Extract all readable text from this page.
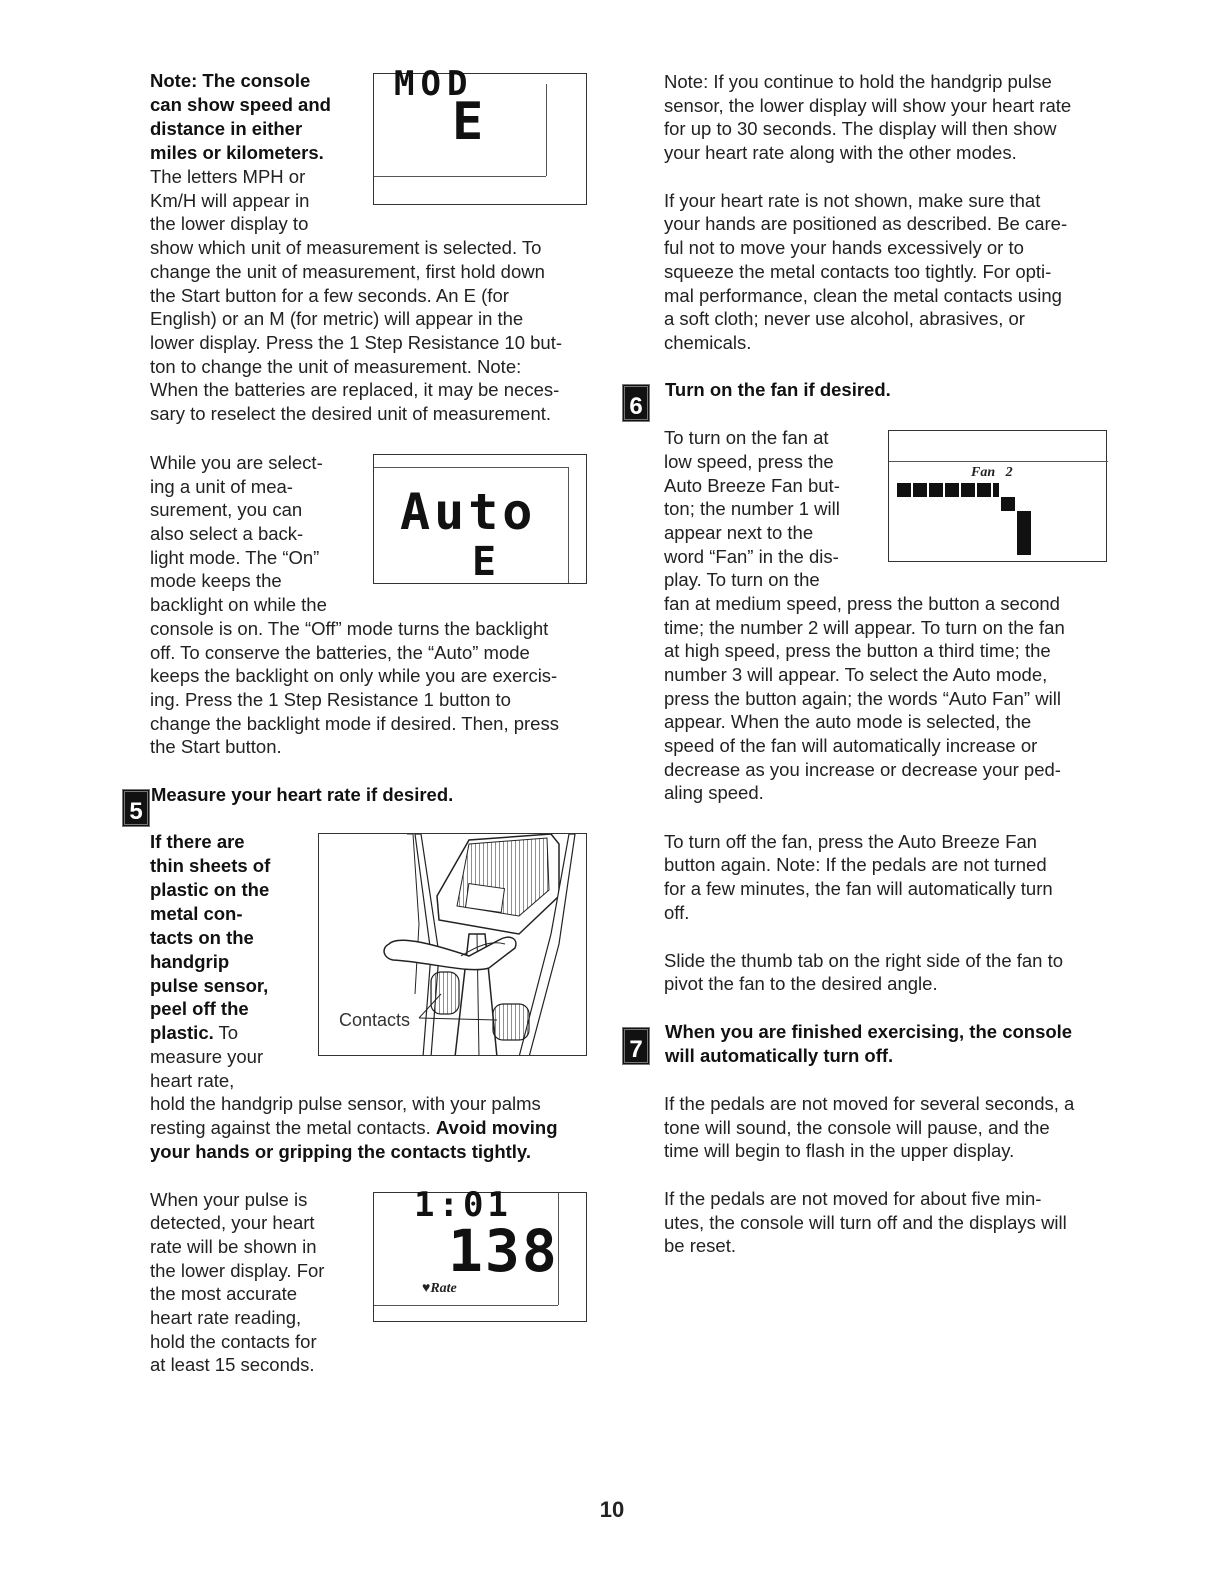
Note: The console
can show speed and
distance in either
miles or kilometers.
The letters MPH or
Km/H will appear in
the lower display to
show which unit of measurement is selected. To
change the unit of measurement, first hold down
the Start button for a few seconds. An E (for
English) or an M (for metric) will appear in the
lower display. Press the 1 Step Resistance 10 but-
ton to change the unit of measurement. Note:
When the batteries are replaced, it may be neces-
sary to reselect the desired unit of measurement.
MOD
E
While you are select-
ing a unit of mea-
surement, you can
also select a back-
light mode. The “On”
mode keeps the
backlight on while the
console is on. The “Off” mode turns the backlight
off. To conserve the batteries, the “Auto” mode
keeps the backlight on only while you are exercis-
ing. Press the 1 Step Resistance 1 button to
change the backlight mode if desired. Then, press
the Start button.
Auto
E
5
Measure your heart rate if desired.
If there are
thin sheets of
plastic on the
metal con-
tacts on the
handgrip
pulse sensor,
peel off the
plastic. To
measure your
heart rate,
hold the handgrip pulse sensor, with your palms
resting against the metal contacts. Avoid moving
your hands or gripping the contacts tightly.
Contacts
When your pulse is
detected, your heart
rate will be shown in
the lower display. For
the most accurate
heart rate reading,
hold the contacts for
at least 15 seconds.
1:01
138
♥Rate
Note: If you continue to hold the handgrip pulse
sensor, the lower display will show your heart rate
for up to 30 seconds. The display will then show
your heart rate along with the other modes.
If your heart rate is not shown, make sure that
your hands are positioned as described. Be care-
ful not to move your hands excessively or to
squeeze the metal contacts too tightly. For opti-
mal performance, clean the metal contacts using
a soft cloth; never use alcohol, abrasives, or
chemicals.
6
Turn on the fan if desired.
To turn on the fan at
low speed, press the
Auto Breeze Fan but-
ton; the number 1 will
appear next to the
word “Fan” in the dis-
play. To turn on the
fan at medium speed, press the button a second
time; the number 2 will appear. To turn on the fan
at high speed, press the button a third time; the
number 3 will appear. To select the Auto mode,
press the button again; the words “Auto Fan” will
appear. When the auto mode is selected, the
speed of the fan will automatically increase or
decrease as you increase or decrease your ped-
aling speed.
Fan   2
To turn off the fan, press the Auto Breeze Fan
button again. Note: If the pedals are not turned
for a few minutes, the fan will automatically turn
off.
Slide the thumb tab on the right side of the fan to
pivot the fan to the desired angle.
7
When you are finished exercising, the console
will automatically turn off.
If the pedals are not moved for several seconds, a
tone will sound, the console will pause, and the
time will begin to flash in the upper display.
If the pedals are not moved for about five min-
utes, the console will turn off and the displays will
be reset.
10
